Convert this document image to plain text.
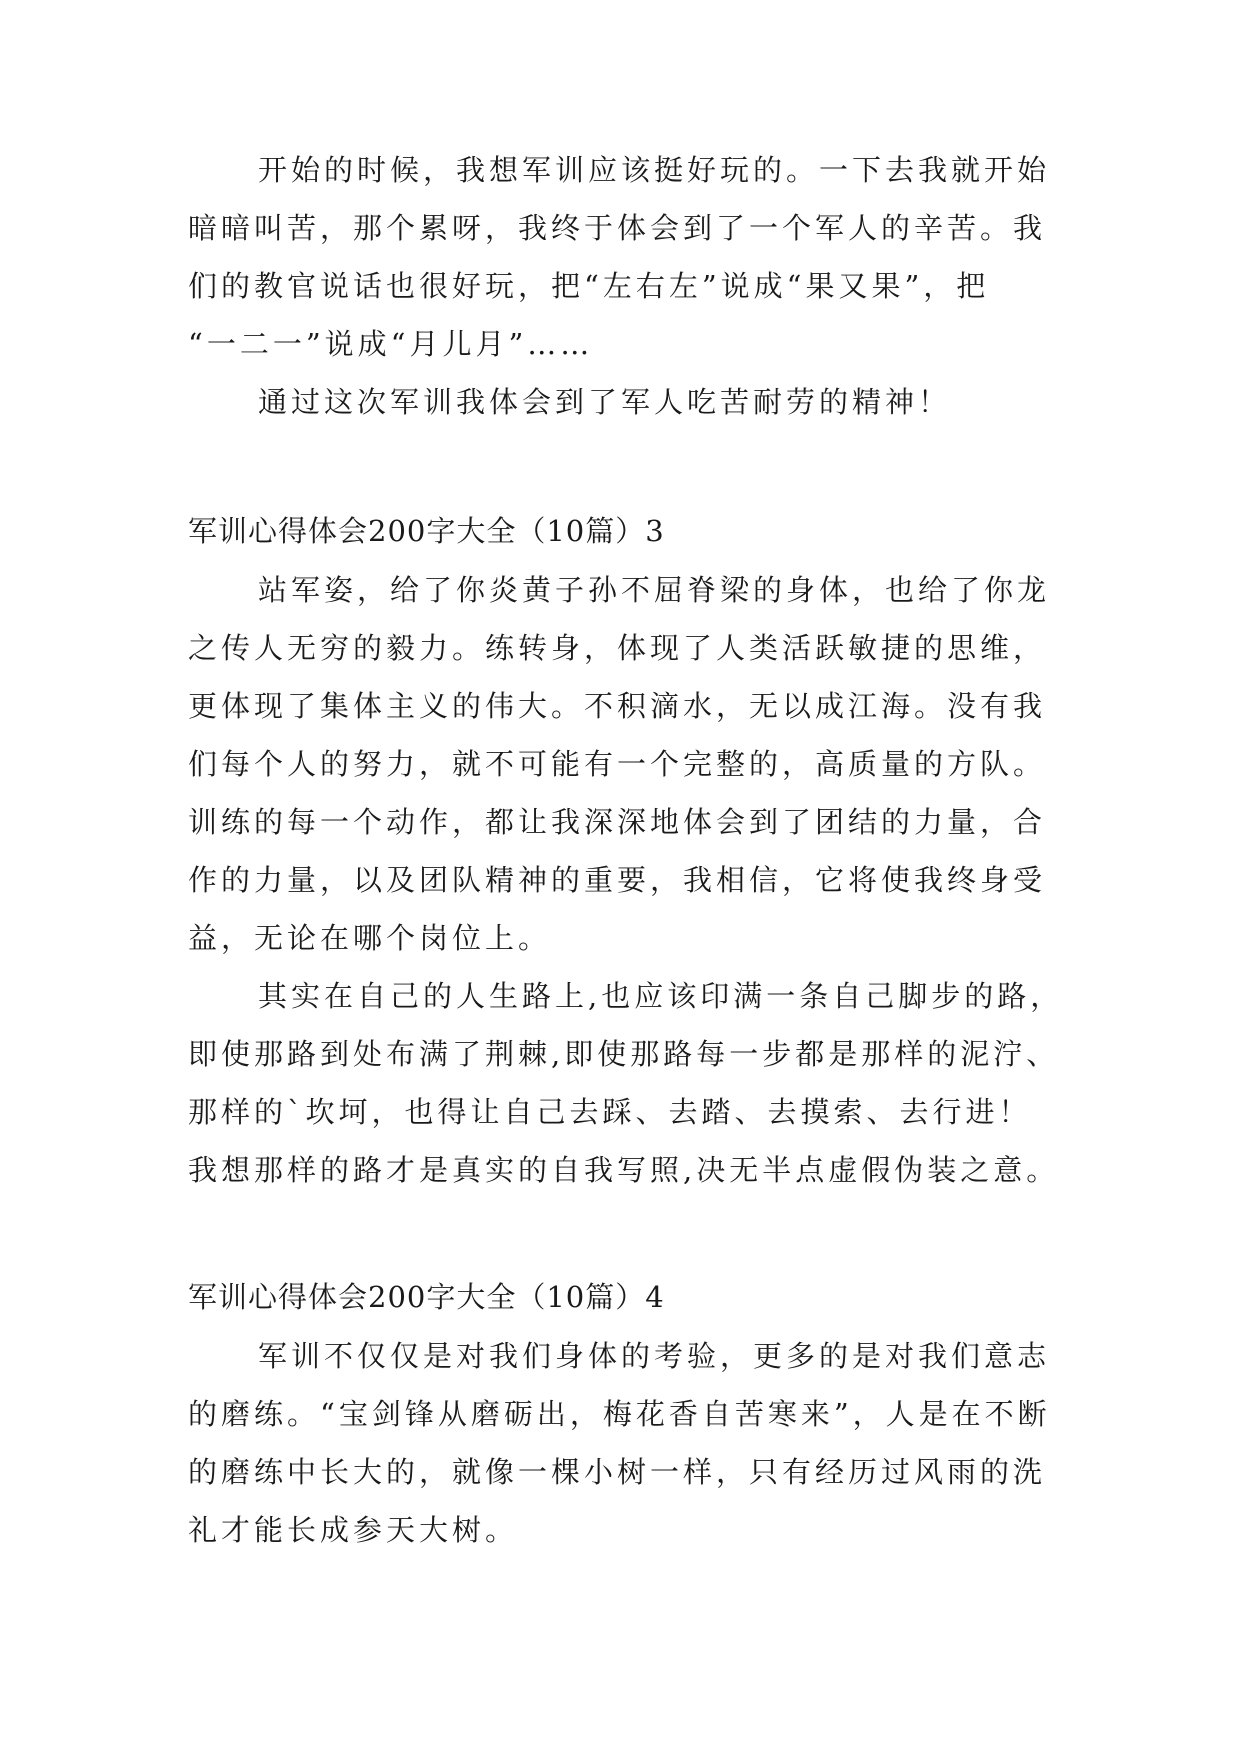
开始的时候，我想军训应该挺好玩的。一下去我就开始
暗暗叫苦，那个累呀，我终于体会到了一个军人的辛苦。我
们的教官说话也很好玩，把“左右左”说成“果又果”，把
“一二一”说成“月儿月”……
通过这次军训我体会到了军人吃苦耐劳的精神！
军训心得体会200字大全（10篇）3
站军姿，给了你炎黄子孙不屈脊梁的身体，也给了你龙
之传人无穷的毅力。练转身，体现了人类活跃敏捷的思维，
更体现了集体主义的伟大。不积滴水，无以成江海。没有我
们每个人的努力，就不可能有一个完整的，高质量的方队。
训练的每一个动作，都让我深深地体会到了团结的力量，合
作的力量，以及团队精神的重要，我相信，它将使我终身受
益，无论在哪个岗位上。
其实在自己的人生路上,也应该印满一条自己脚步的路，
即使那路到处布满了荆棘,即使那路每一步都是那样的泥泞、
那样的`坎坷，也得让自己去踩、去踏、去摸索、去行进！
我想那样的路才是真实的自我写照,决无半点虚假伪装之意。
军训心得体会200字大全（10篇）4
军训不仅仅是对我们身体的考验，更多的是对我们意志
的磨练。“宝剑锋从磨砺出，梅花香自苦寒来”，人是在不断
的磨练中长大的，就像一棵小树一样，只有经历过风雨的洗
礼才能长成参天大树。
